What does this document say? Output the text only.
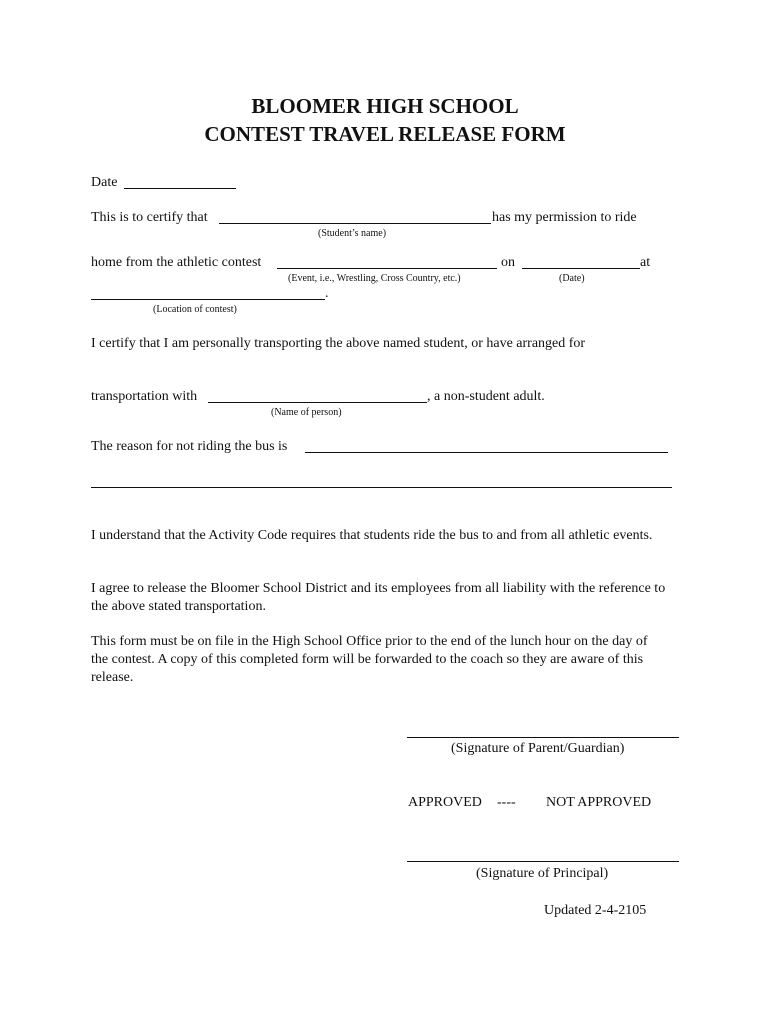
BLOOMER HIGH SCHOOL
CONTEST TRAVEL RELEASE FORM
Date
This is to certify that	has my permission to ride
(Student’s name)
home from the athletic contest	on	at
(Event, i.e., Wrestling, Cross Country, etc.)	(Date)
.
(Location of contest)
I certify that I am personally transporting the above named student, or have arranged for
transportation with	, a non-student adult.
(Name of person)
The reason for not riding the bus is
I understand that the Activity Code requires that students ride the bus to and from all athletic events.
I agree to release the Bloomer School District and its employees from all liability with the reference to the above stated transportation.
This form must be on file in the High School Office prior to the end of the lunch hour on the day of the contest. A copy of this completed form will be forwarded to the coach so they are aware of this release.
(Signature of Parent/Guardian)
APPROVED ---- NOT APPROVED
(Signature of Principal)
Updated 2-4-2105
